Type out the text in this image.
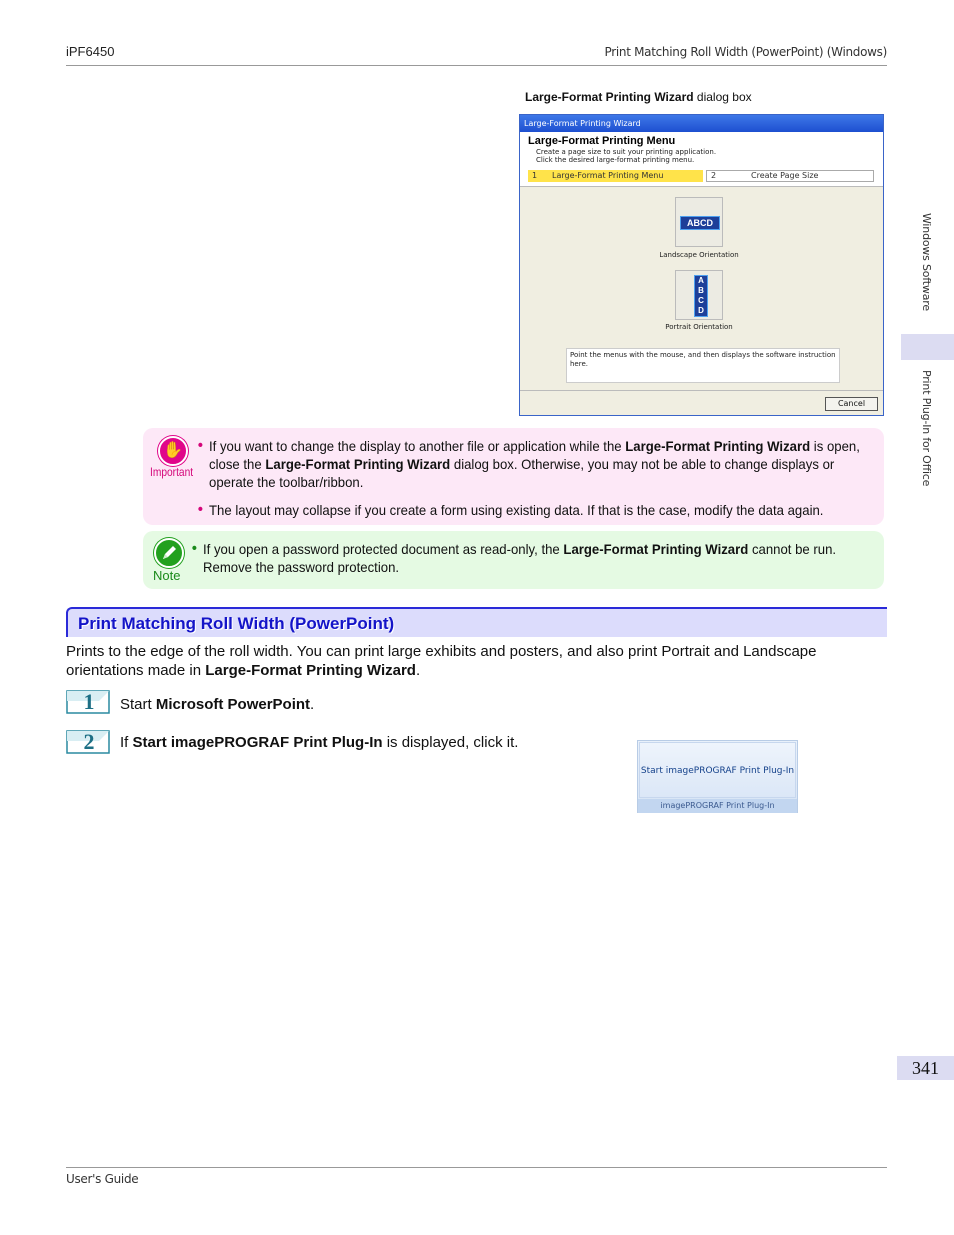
iPF6450	Print Matching Roll Width (PowerPoint) (Windows)
Windows Software
Print Plug-In for Office
Large-Format Printing Wizard dialog box
Large-Format Printing Wizard
Large-Format Printing Menu
Create a page size to suit your printing application.
Click the desired large-format printing menu.
1 Large-Format Printing Menu	2	Create Page Size
ABCD
Landscape Orientation
A
B
C
D
Portrait Orientation
Point the menus with the mouse, and then displays the software instruction here.
Cancel
✋
Important
• If you want to change the display to another file or application while the Large-Format Printing Wizard is open, close the Large-Format Printing Wizard dialog box. Otherwise, you may not be able to change displays or operate the toolbar/ribbon.
• The layout may collapse if you create a form using existing data. If that is the case, modify the data again.
Note
• If you open a password protected document as read-only, the Large-Format Printing Wizard cannot be run. Remove the password protection.
Print Matching Roll Width (PowerPoint)
Prints to the edge of the roll width. You can print large exhibits and posters, and also print Portrait and Landscape orientations made in Large-Format Printing Wizard.
1 Start Microsoft PowerPoint.
2 If Start imagePROGRAF Print Plug-In is displayed, click it.
Start imagePROGRAF Print Plug-In
imagePROGRAF Print Plug-In
341
User's Guide
